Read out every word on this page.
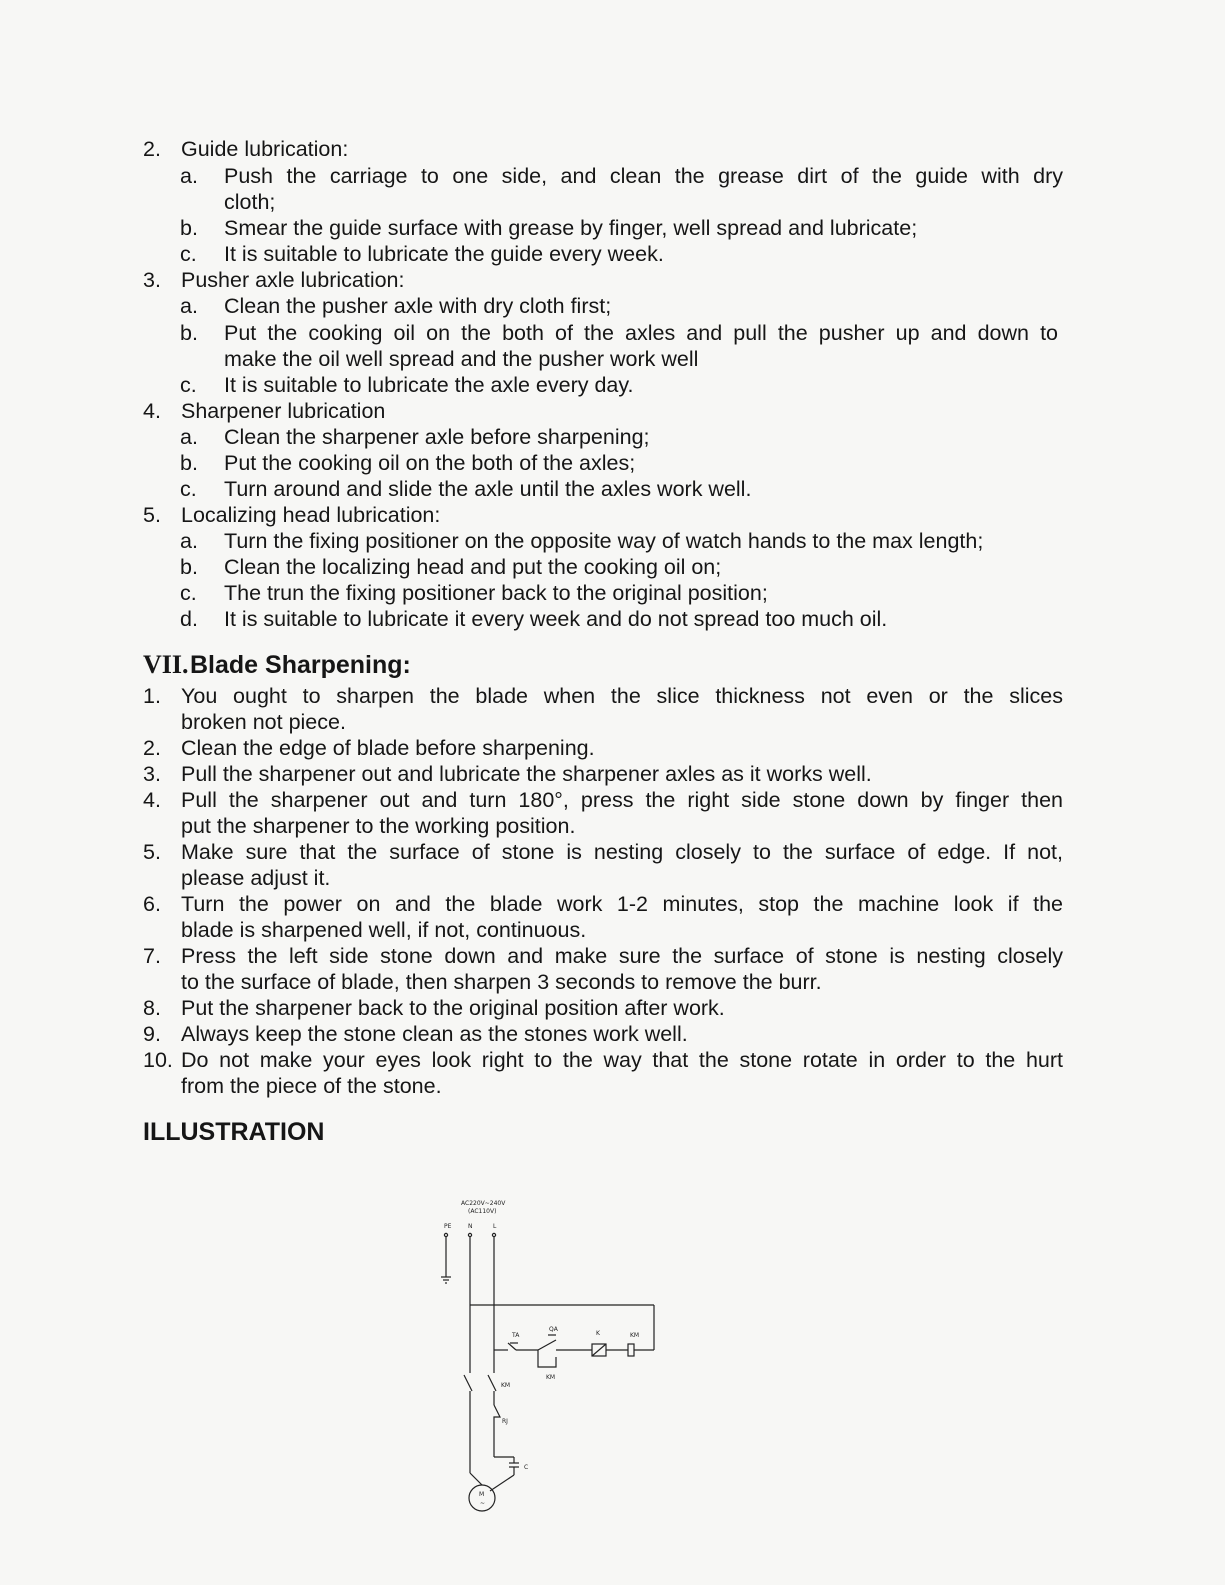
2. Guide lubrication:
a. Push the carriage to one side, and clean the grease dirt of the guide with dry
cloth;
b. Smear the guide surface with grease by finger, well spread and lubricate;
c. It is suitable to lubricate the guide every week.
3. Pusher axle lubrication:
a. Clean the pusher axle with dry cloth first;
b. Put the cooking oil on the both of the axles and pull the pusher up and down to
make the oil well spread and the pusher work well
c. It is suitable to lubricate the axle every day.
4. Sharpener lubrication
a. Clean the sharpener axle before sharpening;
b. Put the cooking oil on the both of the axles;
c. Turn around and slide the axle until the axles work well.
5. Localizing head lubrication:
a. Turn the fixing positioner on the opposite way of watch hands to the max length;
b. Clean the localizing head and put the cooking oil on;
c. The trun the fixing positioner back to the original position;
d. It is suitable to lubricate it every week and do not spread too much oil.
VII. Blade Sharpening:
1. You ought to sharpen the blade when the slice thickness not even or the slices
broken not piece.
2. Clean the edge of blade before sharpening.
3. Pull the sharpener out and lubricate the sharpener axles as it works well.
4. Pull the sharpener out and turn 180°, press the right side stone down by finger then
put the sharpener to the working position.
5. Make sure that the surface of stone is nesting closely to the surface of edge. If not,
please adjust it.
6. Turn the power on and the blade work 1-2 minutes, stop the machine look if the
blade is sharpened well, if not, continuous.
7. Press the left side stone down and make sure the surface of stone is nesting closely
to the surface of blade, then sharpen 3 seconds to remove the burr.
8. Put the sharpener back to the original position after work.
9. Always keep the stone clean as the stones work well.
10. Do not make your eyes look right to the way that the stone rotate in order to the hurt
from the piece of the stone.
ILLUSTRATION
AC220V~240V
(AC110V)
PE	N	L
KM
RJ
C
M
~
TA
QA
KM
K	KM
